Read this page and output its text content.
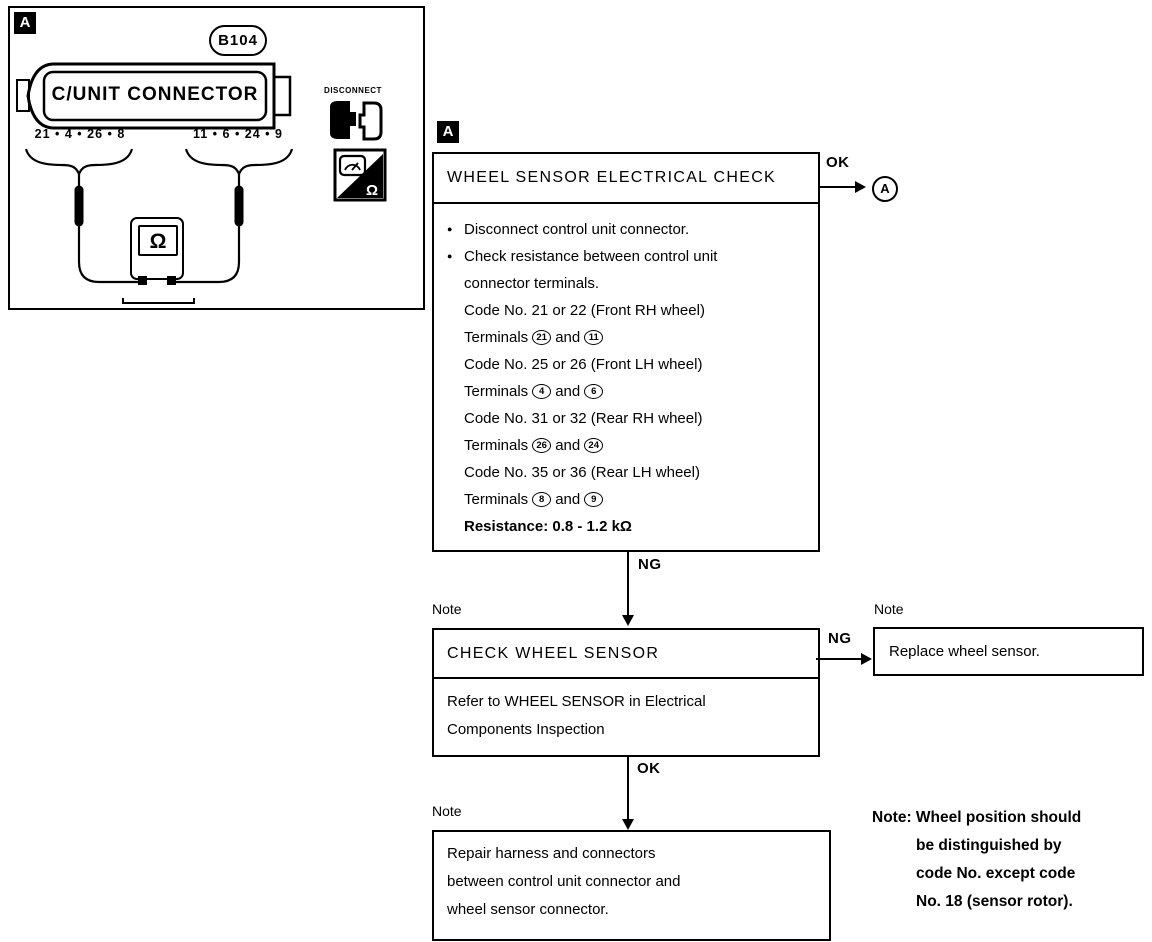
A
B104
C/UNIT CONNECTOR
21 • 4 • 26 • 8	11 • 6 • 24 • 9
Ω
DISCONNECT
Ω
A
WHEEL SENSOR ELECTRICAL CHECK
● Disconnect control unit connector.
● Check resistance between control unit
connector terminals.
Code No. 21 or 22 (Front RH wheel)
Terminals 21 and 11
Code No. 25 or 26 (Front LH wheel)
Terminals 4 and 6
Code No. 31 or 32 (Rear RH wheel)
Terminals 26 and 24
Code No. 35 or 36 (Rear LH wheel)
Terminals 8 and 9
Resistance: 0.8 - 1.2 kΩ
OK
A
NG
Note
CHECK WHEEL SENSOR
Refer to WHEEL SENSOR in Electrical
Components Inspection
NG
Note
Replace wheel sensor.
OK
Note
Repair harness and connectors
between control unit connector and
wheel sensor connector.
Note: Wheel position should
be distinguished by
code No. except code
No. 18 (sensor rotor).
